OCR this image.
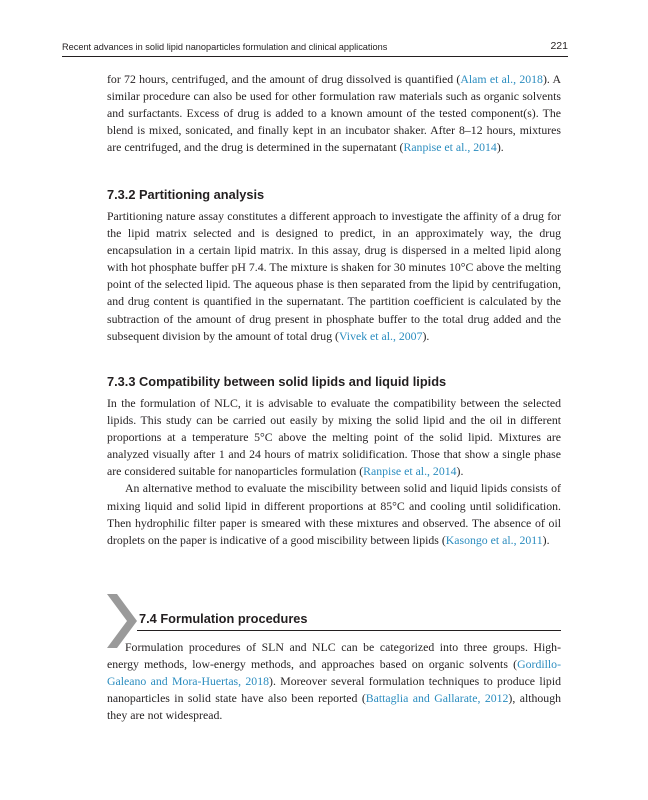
Recent advances in solid lipid nanoparticles formulation and clinical applications	221

for 72 hours, centrifuged, and the amount of drug dissolved is quantified (Alam et al., 2018). A similar procedure can also be used for other formulation raw materials such as organic solvents and surfactants. Excess of drug is added to a known amount of the tested component(s). The blend is mixed, sonicated, and finally kept in an incubator shaker. After 8–12 hours, mixtures are centrifuged, and the drug is determined in the supernatant (Ranpise et al., 2014).

7.3.2 Partitioning analysis

Partitioning nature assay constitutes a different approach to investigate the affinity of a drug for the lipid matrix selected and is designed to predict, in an approximately way, the drug encapsulation in a certain lipid matrix. In this assay, drug is dispersed in a melted lipid along with hot phosphate buffer pH 7.4. The mixture is shaken for 30 minutes 10°C above the melting point of the selected lipid. The aqueous phase is then separated from the lipid by centrifugation, and drug content is quantified in the supernatant. The partition coefficient is calculated by the subtraction of the amount of drug present in phosphate buffer to the total drug added and the subsequent division by the amount of total drug (Vivek et al., 2007).

7.3.3 Compatibility between solid lipids and liquid lipids

In the formulation of NLC, it is advisable to evaluate the compatibility between the selected lipids. This study can be carried out easily by mixing the solid lipid and the oil in different proportions at a temperature 5°C above the melting point of the solid lipid. Mixtures are analyzed visually after 1 and 24 hours of matrix solidification. Those that show a single phase are considered suitable for nanoparticles formulation (Ranpise et al., 2014).

An alternative method to evaluate the miscibility between solid and liquid lipids consists of mixing liquid and solid lipid in different proportions at 85°C and cooling until solidification. Then hydrophilic filter paper is smeared with these mixtures and observed. The absence of oil droplets on the paper is indicative of a good miscibility between lipids (Kasongo et al., 2011).

7.4 Formulation procedures

Formulation procedures of SLN and NLC can be categorized into three groups. High-energy methods, low-energy methods, and approaches based on organic solvents (Gordillo-Galeano and Mora-Huertas, 2018). Moreover several formulation techniques to produce lipid nanoparticles in solid state have also been reported (Battaglia and Gallarate, 2012), although they are not widespread.
